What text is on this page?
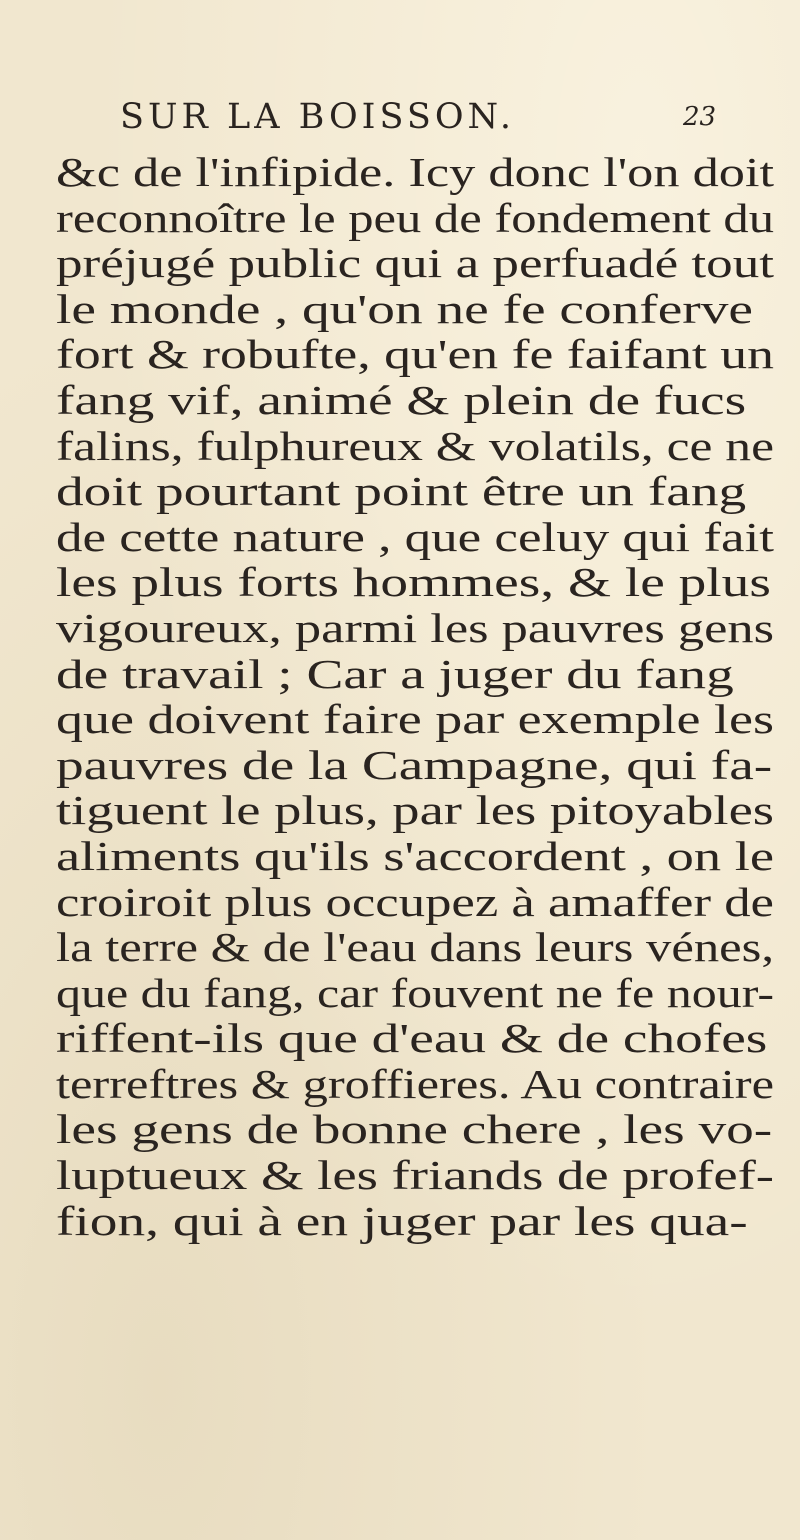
SUR LA BOISSON.	23
&c de l'infipide. Icy donc l'on doit
reconnoître le peu de fondement du
préjugé public qui a perfuadé tout
le monde , qu'on ne fe conferve
fort & robufte, qu'en fe faifant un
fang vif, animé & plein de fucs
falins, fulphureux & volatils, ce ne
doit pourtant point être un fang
de cette nature , que celuy qui fait
les plus forts hommes, & le plus
vigoureux, parmi les pauvres gens
de travail ; Car a juger du fang
que doivent faire par exemple les
pauvres de la Campagne, qui fa-
tiguent le plus, par les pitoyables
aliments qu'ils s'accordent , on le
croiroit plus occupez à amaffer de
la terre & de l'eau dans leurs vénes,
que du fang, car fouvent ne fe nour-
riffent-ils que d'eau & de chofes
terreftres & groffieres. Au contraire
les gens de bonne chere , les vo-
luptueux & les friands de profef-
fion, qui à en juger par les qua-
